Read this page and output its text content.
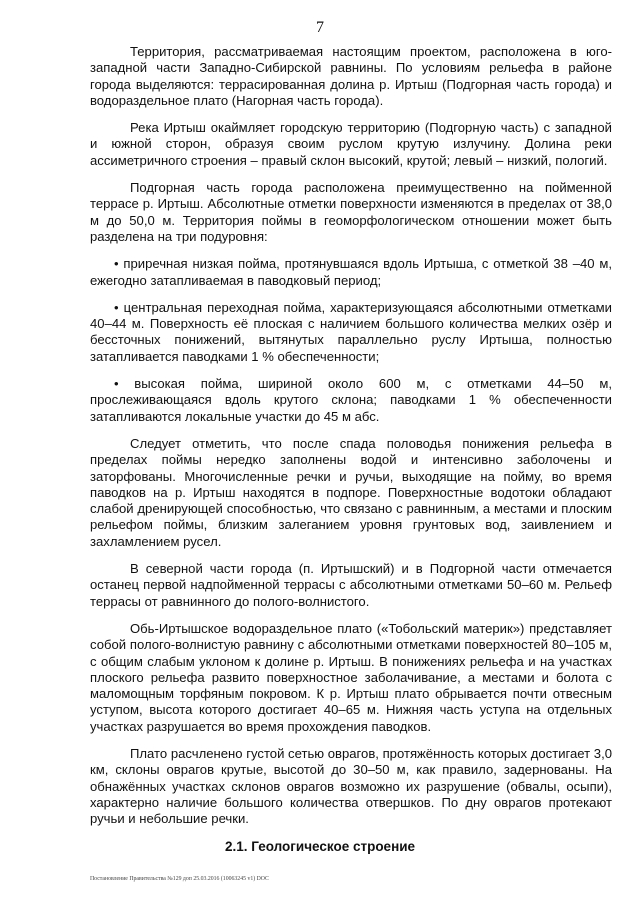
7

Территория, рассматриваемая настоящим проектом, расположена в юго-западной части Западно-Сибирской равнины. По условиям рельефа в районе города выделяются: террасированная долина р. Иртыш (Подгорная часть города) и водораздельное плато (Нагорная часть города).

Река Иртыш окаймляет городскую территорию (Подгорную часть) с западной и южной сторон, образуя своим руслом крутую излучину. Долина реки ассиметричного строения – правый склон высокий, крутой; левый – низкий, пологий.

Подгорная часть города расположена преимущественно на пойменной террасе р. Иртыш. Абсолютные отметки поверхности изменяются в пределах от 38,0 м до 50,0 м. Территория поймы в геоморфологическом отношении может быть разделена на три подуровня:

• приречная низкая пойма, протянувшаяся вдоль Иртыша, с отметкой 38 –40 м, ежегодно затапливаемая в паводковый период;

• центральная переходная пойма, характеризующаяся абсолютными отметками 40–44 м. Поверхность её плоская с наличием большого количества мелких озёр и бессточных понижений, вытянутых параллельно руслу Иртыша, полностью затапливается паводками 1 % обеспеченности;

• высокая пойма, шириной около 600 м, с отметками 44–50 м, прослеживающаяся вдоль крутого склона; паводками 1 % обеспеченности затапливаются локальные участки до 45 м абс.

Следует отметить, что после спада половодья понижения рельефа в пределах поймы нередко заполнены водой и интенсивно заболочены и заторфованы. Многочисленные речки и ручьи, выходящие на пойму, во время паводков на р. Иртыш находятся в подпоре. Поверхностные водотоки обладают слабой дренирующей способностью, что связано с равнинным, а местами и плоским рельефом поймы, близким залеганием уровня грунтовых вод, заивлением и захламлением русел.

В северной части города (п. Иртышский) и в Подгорной части отмечается останец первой надпойменной террасы с абсолютными отметками 50–60 м. Рельеф террасы от равнинного до полого-волнистого.

Обь-Иртышское водораздельное плато («Тобольский материк») представляет собой полого-волнистую равнину с абсолютными отметками поверхностей 80–105 м, с общим слабым уклоном к долине р. Иртыш. В понижениях рельефа и на участках плоского рельефа развито поверхностное заболачивание, а местами и болота с маломощным торфяным покровом. К р. Иртыш плато обрывается почти отвесным уступом, высота которого достигает 40–65 м. Нижняя часть уступа на отдельных участках разрушается во время прохождения паводков.

Плато расчленено густой сетью оврагов, протяжённость которых достигает 3,0 км, склоны оврагов крутые, высотой до 30–50 м, как правило, задернованы. На обнажённых участках склонов оврагов возможно их разрушение (обвалы, осыпи), характерно наличие большого количества отвершков. По дну оврагов протекают ручьи и небольшие речки.

2.1. Геологическое строение
Постановление Правительства №129 доп 25.03.2016 (10063245 v1) DOC
